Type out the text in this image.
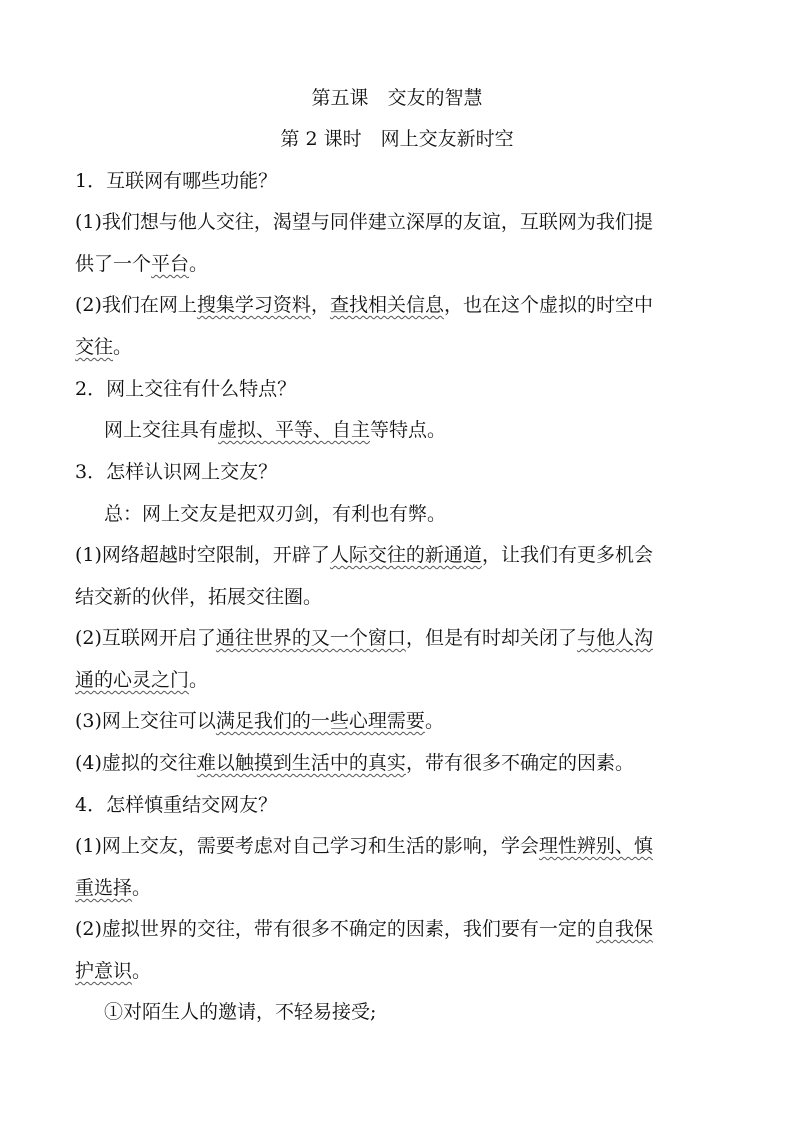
第五课　交友的智慧
第 2 课时　网上交友新时空
1．互联网有哪些功能？
(1)我们想与他人交往，渴望与同伴建立深厚的友谊，互联网为我们提
供了一个平台。
(2)我们在网上搜集学习资料，查找相关信息，也在这个虚拟的时空中
交往。
2．网上交往有什么特点？
网上交往具有虚拟、平等、自主等特点。
3．怎样认识网上交友？
总：网上交友是把双刃剑，有利也有弊。
(1)网络超越时空限制，开辟了人际交往的新通道，让我们有更多机会
结交新的伙伴，拓展交往圈。
(2)互联网开启了通往世界的又一个窗口，但是有时却关闭了与他人沟
通的心灵之门。
(3)网上交往可以满足我们的一些心理需要。
(4)虚拟的交往难以触摸到生活中的真实，带有很多不确定的因素。
4．怎样慎重结交网友？
(1)网上交友，需要考虑对自己学习和生活的影响，学会理性辨别、慎
重选择。
(2)虚拟世界的交往，带有很多不确定的因素，我们要有一定的自我保
护意识。
①对陌生人的邀请，不轻易接受;
